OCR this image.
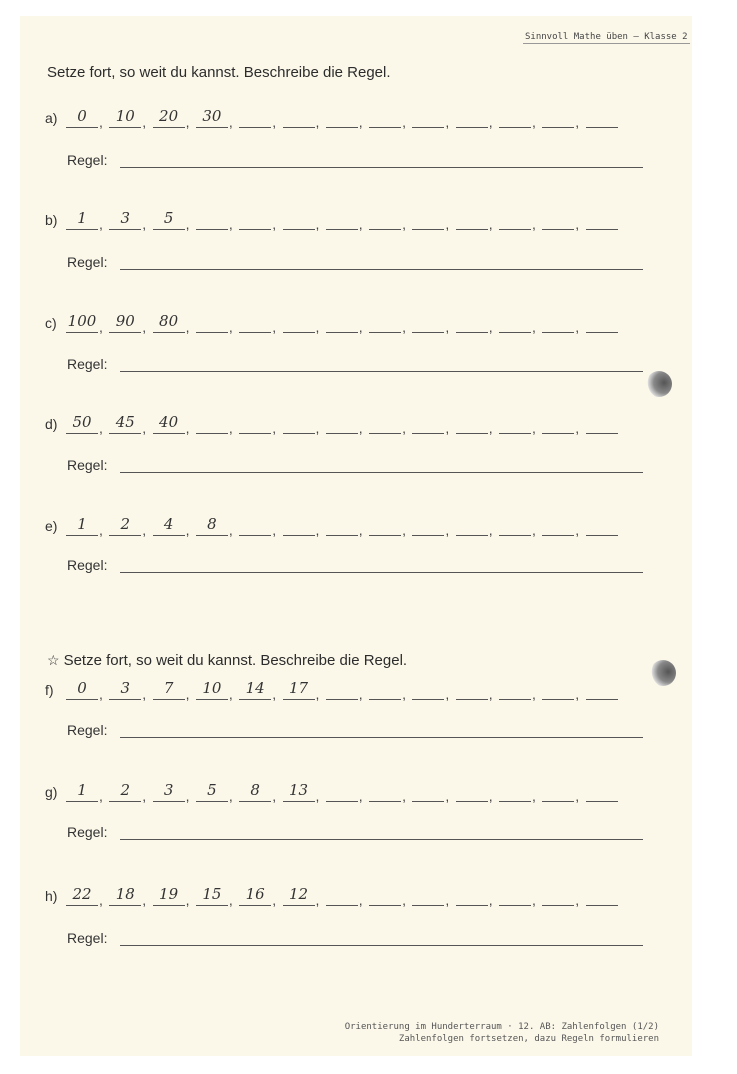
Sinnvoll Mathe üben – Klasse 2
Setze fort, so weit du kannst. Beschreibe die Regel.
a)	0 , 10 , 20 , 30 ,	,	,	,	,	,	,	,	,
Regel:
b)	1 ,	3 ,	5 ,	,	,	,	,	,	,	,	,	,
Regel:
c) 100 , 90 , 80 ,	,	,	,	,	,	,	,	,	,
Regel:
d)	50 , 45 , 40 ,	,	,	,	,	,	,	,	,	,
Regel:
e)	1 ,	2 ,	4 ,	8 ,	,	,	,	,	,	,	,	,
Regel:
☆ Setze fort, so weit du kannst. Beschreibe die Regel.
f)	0 ,	3 ,	7 , 10 , 14 , 17 ,	,	,	,	,	,	,
Regel:
g)	1 ,	2 ,	3 ,	5 ,	8 , 13 ,	,	,	,	,	,	,
Regel:
h)	22 , 18 , 19 , 15 , 16 , 12 ,	,	,	,	,	,	,
Regel:
Orientierung im Hunderterraum · 12. AB: Zahlenfolgen (1/2)
Zahlenfolgen fortsetzen, dazu Regeln formulieren
